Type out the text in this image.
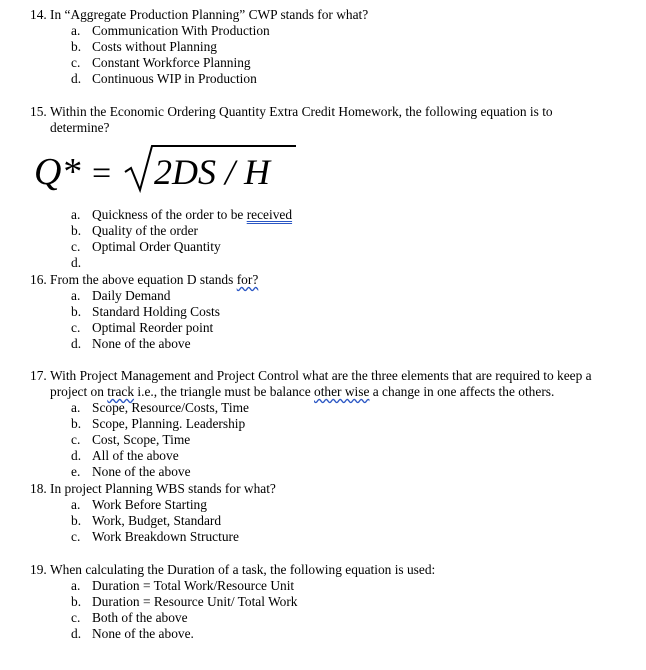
14. In “Aggregate Production Planning” CWP stands for what?
a. Communication With Production
b. Costs without Planning
c. Constant Workforce Planning
d. Continuous WIP in Production
15. Within the Economic Ordering Quantity Extra Credit Homework, the following equation is to
determine?
Q* = 2DS / H
a. Quickness of the order to be received
b. Quality of the order
c. Optimal Order Quantity
d.
16. From the above equation D stands for?
a. Daily Demand
b. Standard Holding Costs
c. Optimal Reorder point
d. None of the above
17. With Project Management and Project Control what are the three elements that are required to keep a
project on track i.e., the triangle must be balance other wise a change in one affects the others.
a. Scope, Resource/Costs, Time
b. Scope, Planning. Leadership
c. Cost, Scope, Time
d. All of the above
e. None of the above
18. In project Planning WBS stands for what?
a. Work Before Starting
b. Work, Budget, Standard
c. Work Breakdown Structure
19. When calculating the Duration of a task, the following equation is used:
a. Duration = Total Work/Resource Unit
b. Duration = Resource Unit/ Total Work
c. Both of the above
d. None of the above.
